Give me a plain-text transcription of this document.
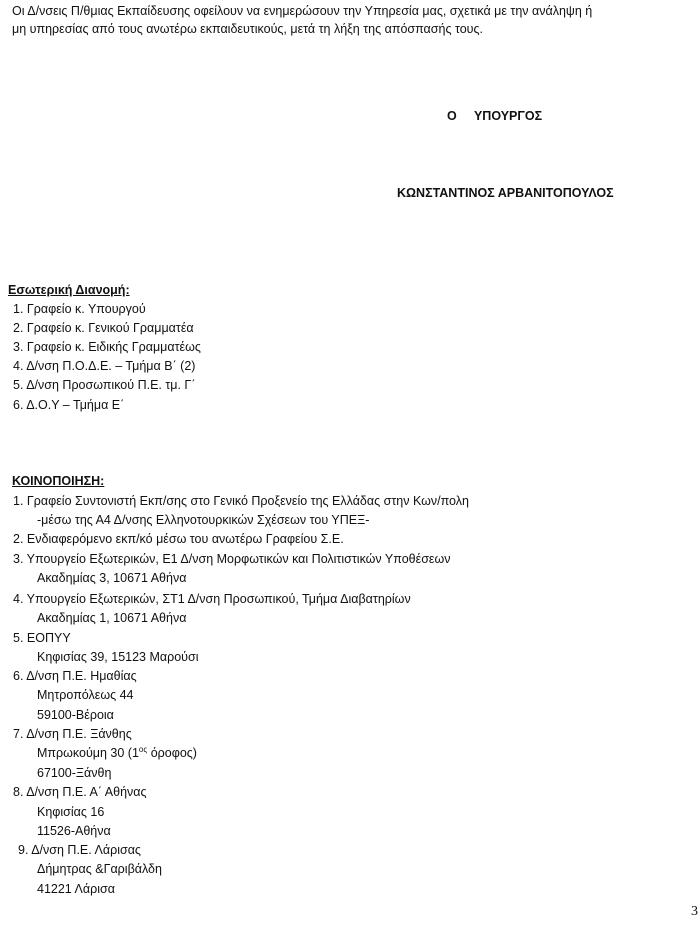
Οι Δ/νσεις Π/θμιας Εκπαίδευσης οφείλουν να ενημερώσουν την Υπηρεσία μας, σχετικά με την ανάληψη ή
μη υπηρεσίας από τους ανωτέρω εκπαιδευτικούς, μετά τη λήξη της απόσπασής τους.
Ο ΥΠΟΥΡΓΟΣ
ΚΩΝΣΤΑΝΤΙΝΟΣ ΑΡΒΑΝΙΤΟΠΟΥΛΟΣ
Εσωτερική Διανομή:
1. Γραφείο κ. Υπουργού
2. Γραφείο κ. Γενικού Γραμματέα
3. Γραφείο κ. Ειδικής Γραμματέως
4. Δ/νση Π.Ο.Δ.Ε. – Τμήμα Β΄ (2)
5. Δ/νση Προσωπικού Π.Ε. τμ. Γ΄
6. Δ.Ο.Υ – Τμήμα Ε΄
ΚΟΙΝΟΠΟΙΗΣΗ:
1. Γραφείο Συντονιστή Εκπ/σης στο Γενικό Προξενείο της Ελλάδας στην Κων/πολη
-μέσω της Α4 Δ/νσης Ελληνοτουρκικών Σχέσεων του ΥΠΕΞ-
2. Ενδιαφερόμενο εκπ/κό μέσω του ανωτέρω Γραφείου Σ.Ε.
3. Υπουργείο Εξωτερικών, Ε1 Δ/νση Μορφωτικών και Πολιτιστικών Υποθέσεων
Ακαδημίας 3, 10671 Αθήνα
4. Υπουργείο Εξωτερικών, ΣΤ1 Δ/νση Προσωπικού, Τμήμα Διαβατηρίων
Ακαδημίας 1, 10671 Αθήνα
5. ΕΟΠΥΥ
Κηφισίας 39, 15123 Μαρούσι
6. Δ/νση Π.Ε. Ημαθίας
Μητροπόλεως 44
59100-Βέροια
7. Δ/νση Π.Ε. Ξάνθης
Μπρωκούμη 30 ($1^{o\varsigma}$ όροφος)
67100-Ξάνθη
8. Δ/νση Π.Ε. Α΄ Αθήνας
Κηφισίας 16
11526-Αθήνα
9. Δ/νση Π.Ε. Λάρισας
Δήμητρας &Γαριβάλδη
41221 Λάρισα
3
